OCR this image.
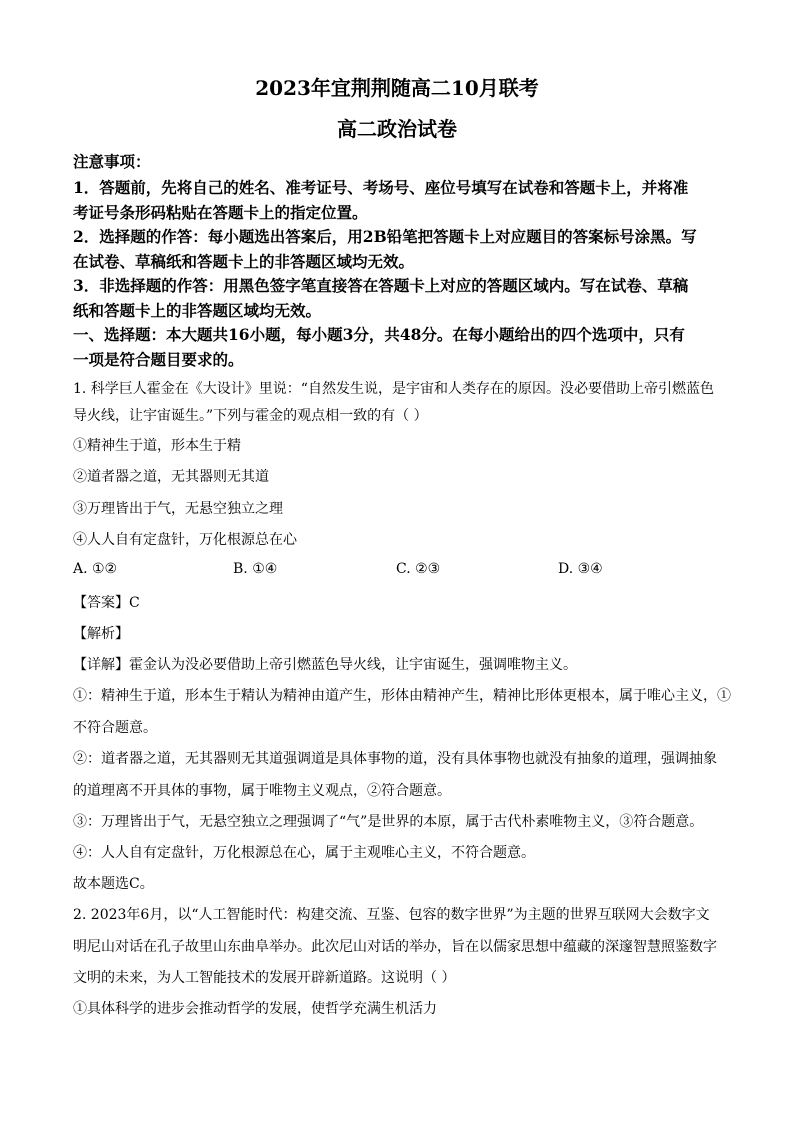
2023年宜荆荆随高二10月联考
高二政治试卷
注意事项：
1．答题前，先将自己的姓名、准考证号、考场号、座位号填写在试卷和答题卡上，并将准
考证号条形码粘贴在答题卡上的指定位置。
2．选择题的作答：每小题选出答案后，用2B铅笔把答题卡上对应题目的答案标号涂黑。写
在试卷、草稿纸和答题卡上的非答题区域均无效。
3．非选择题的作答：用黑色签字笔直接答在答题卡上对应的答题区域内。写在试卷、草稿
纸和答题卡上的非答题区域均无效。
一、选择题：本大题共16小题，每小题3分，共48分。在每小题给出的四个选项中，只有
一项是符合题目要求的。
1. 科学巨人霍金在《大设计》里说：“自然发生说，是宇宙和人类存在的原因。没必要借助上帝引燃蓝色
导火线，让宇宙诞生。”下列与霍金的观点相一致的有（ ）
①精神生于道，形本生于精
②道者器之道，无其器则无其道
③万理皆出于气，无悬空独立之理
④人人自有定盘针，万化根源总在心
A. ①②	B. ①④	C. ②③	D. ③④
【答案】C
【解析】
【详解】霍金认为没必要借助上帝引燃蓝色导火线，让宇宙诞生，强调唯物主义。
①：精神生于道，形本生于精认为精神由道产生，形体由精神产生，精神比形体更根本，属于唯心主义，①
不符合题意。
②：道者器之道，无其器则无其道强调道是具体事物的道，没有具体事物也就没有抽象的道理，强调抽象
的道理离不开具体的事物，属于唯物主义观点，②符合题意。
③：万理皆出于气，无悬空独立之理强调了“气”是世界的本原，属于古代朴素唯物主义，③符合题意。
④：人人自有定盘针，万化根源总在心，属于主观唯心主义，不符合题意。
故本题选C。
2. 2023年6月，以“人工智能时代：构建交流、互鉴、包容的数字世界”为主题的世界互联网大会数字文
明尼山对话在孔子故里山东曲阜举办。此次尼山对话的举办，旨在以儒家思想中蕴藏的深邃智慧照鉴数字
文明的未来，为人工智能技术的发展开辟新道路。这说明（ ）
①具体科学的进步会推动哲学的发展，使哲学充满生机活力
